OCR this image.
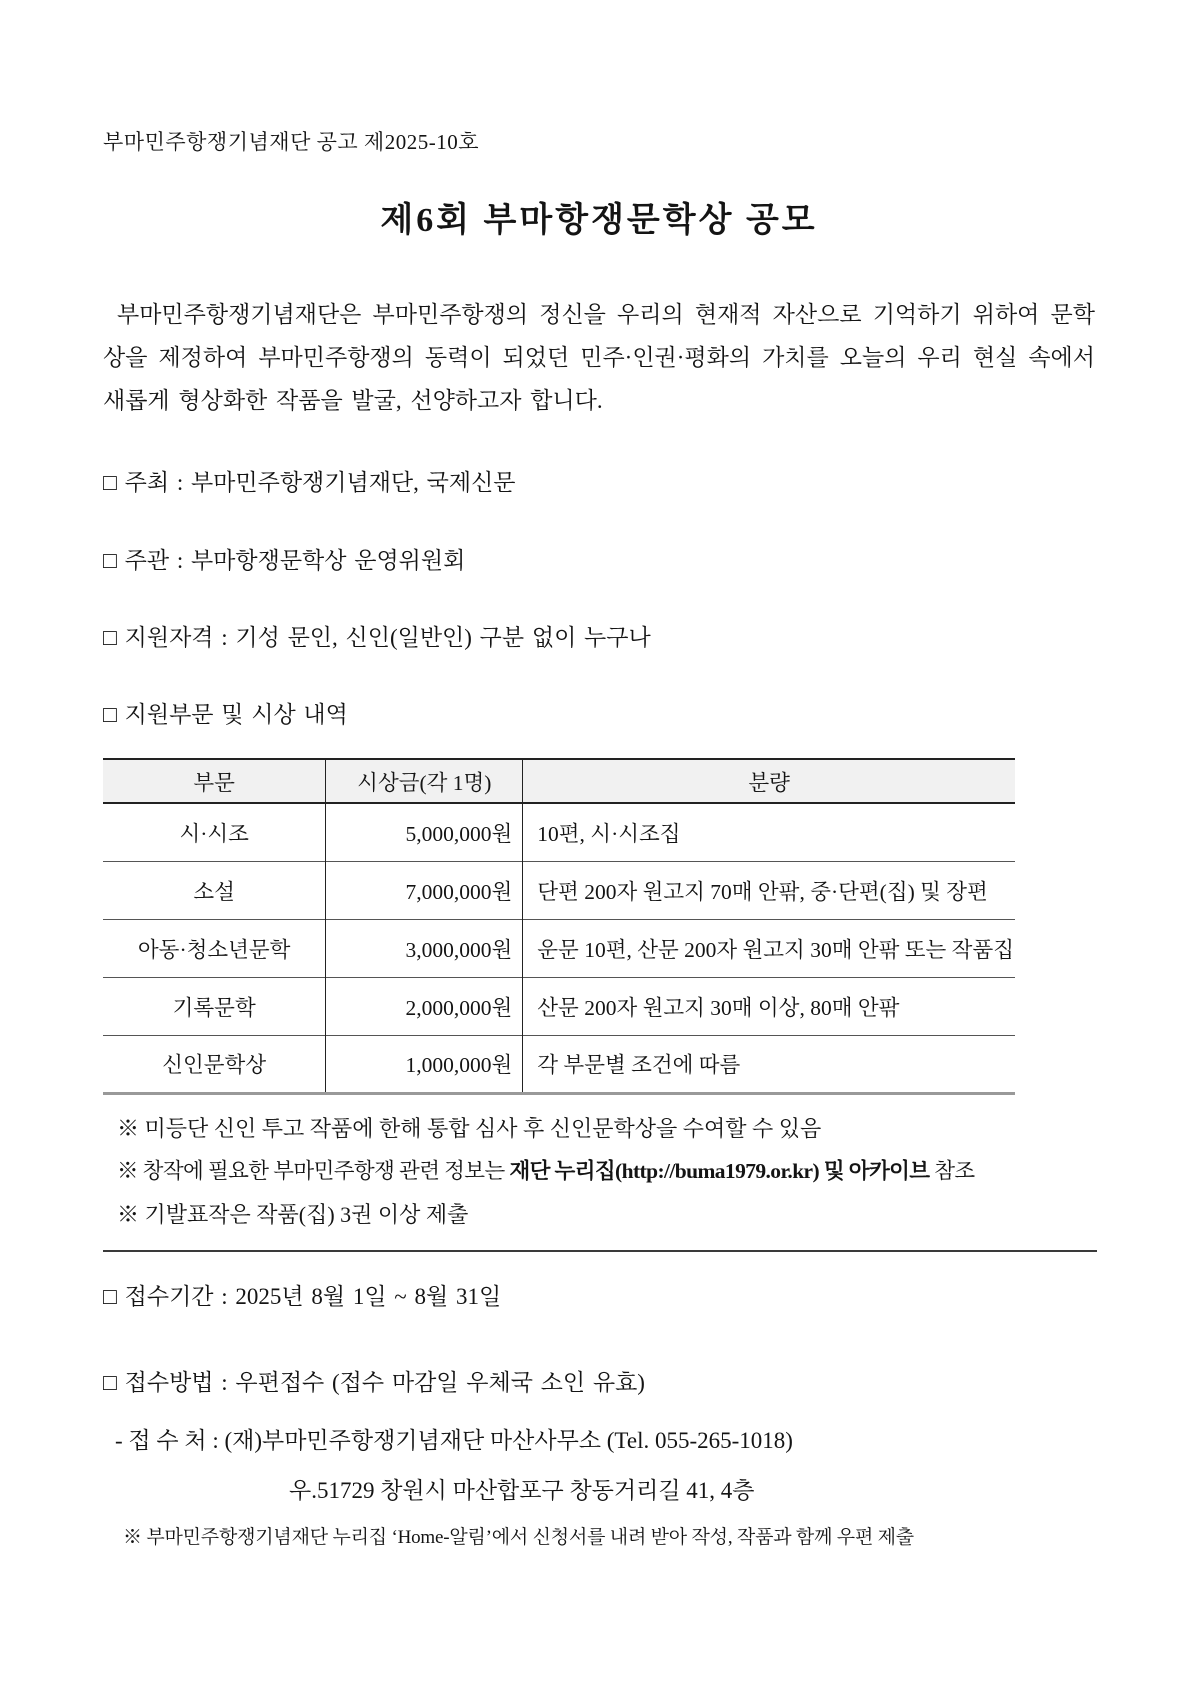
부마민주항쟁기념재단 공고 제2025-10호
제6회 부마항쟁문학상 공모

부마민주항쟁기념재단은 부마민주항쟁의 정신을 우리의 현재적 자산으로 기억하기 위하여 문학상을 제정하여 부마민주항쟁의 동력이 되었던 민주·인권·평화의 가치를 오늘의 우리 현실 속에서 새롭게 형상화한 작품을 발굴, 선양하고자 합니다.

□ 주최 : 부마민주항쟁기념재단, 국제신문
□ 주관 : 부마항쟁문학상 운영위원회
□ 지원자격 : 기성 문인, 신인(일반인) 구분 없이 누구나
□ 지원부문 및 시상 내역
부문	시상금(각 1명)	분량
시·시조	5,000,000원	10편, 시·시조집
소설	7,000,000원	단편 200자 원고지 70매 안팎, 중·단편(집) 및 장편
아동·청소년문학	3,000,000원	운문 10편, 산문 200자 원고지 30매 안팎 또는 작품집
기록문학	2,000,000원	산문 200자 원고지 30매 이상, 80매 안팎
신인문학상	1,000,000원	각 부문별 조건에 따름
※ 미등단 신인 투고 작품에 한해 통합 심사 후 신인문학상을 수여할 수 있음
※ 창작에 필요한 부마민주항쟁 관련 정보는 재단 누리집(http://buma1979.or.kr) 및 아카이브 참조
※ 기발표작은 작품(집) 3권 이상 제출
□ 접수기간 : 2025년 8월 1일 ~ 8월 31일
□ 접수방법 : 우편접수 (접수 마감일 우체국 소인 유효)
- 접 수 처 : (재)부마민주항쟁기념재단 마산사무소 (Tel. 055-265-1018)
우.51729 창원시 마산합포구 창동거리길 41, 4층
※ 부마민주항쟁기념재단 누리집 ‘Home-알림’에서 신청서를 내려 받아 작성, 작품과 함께 우편 제출
